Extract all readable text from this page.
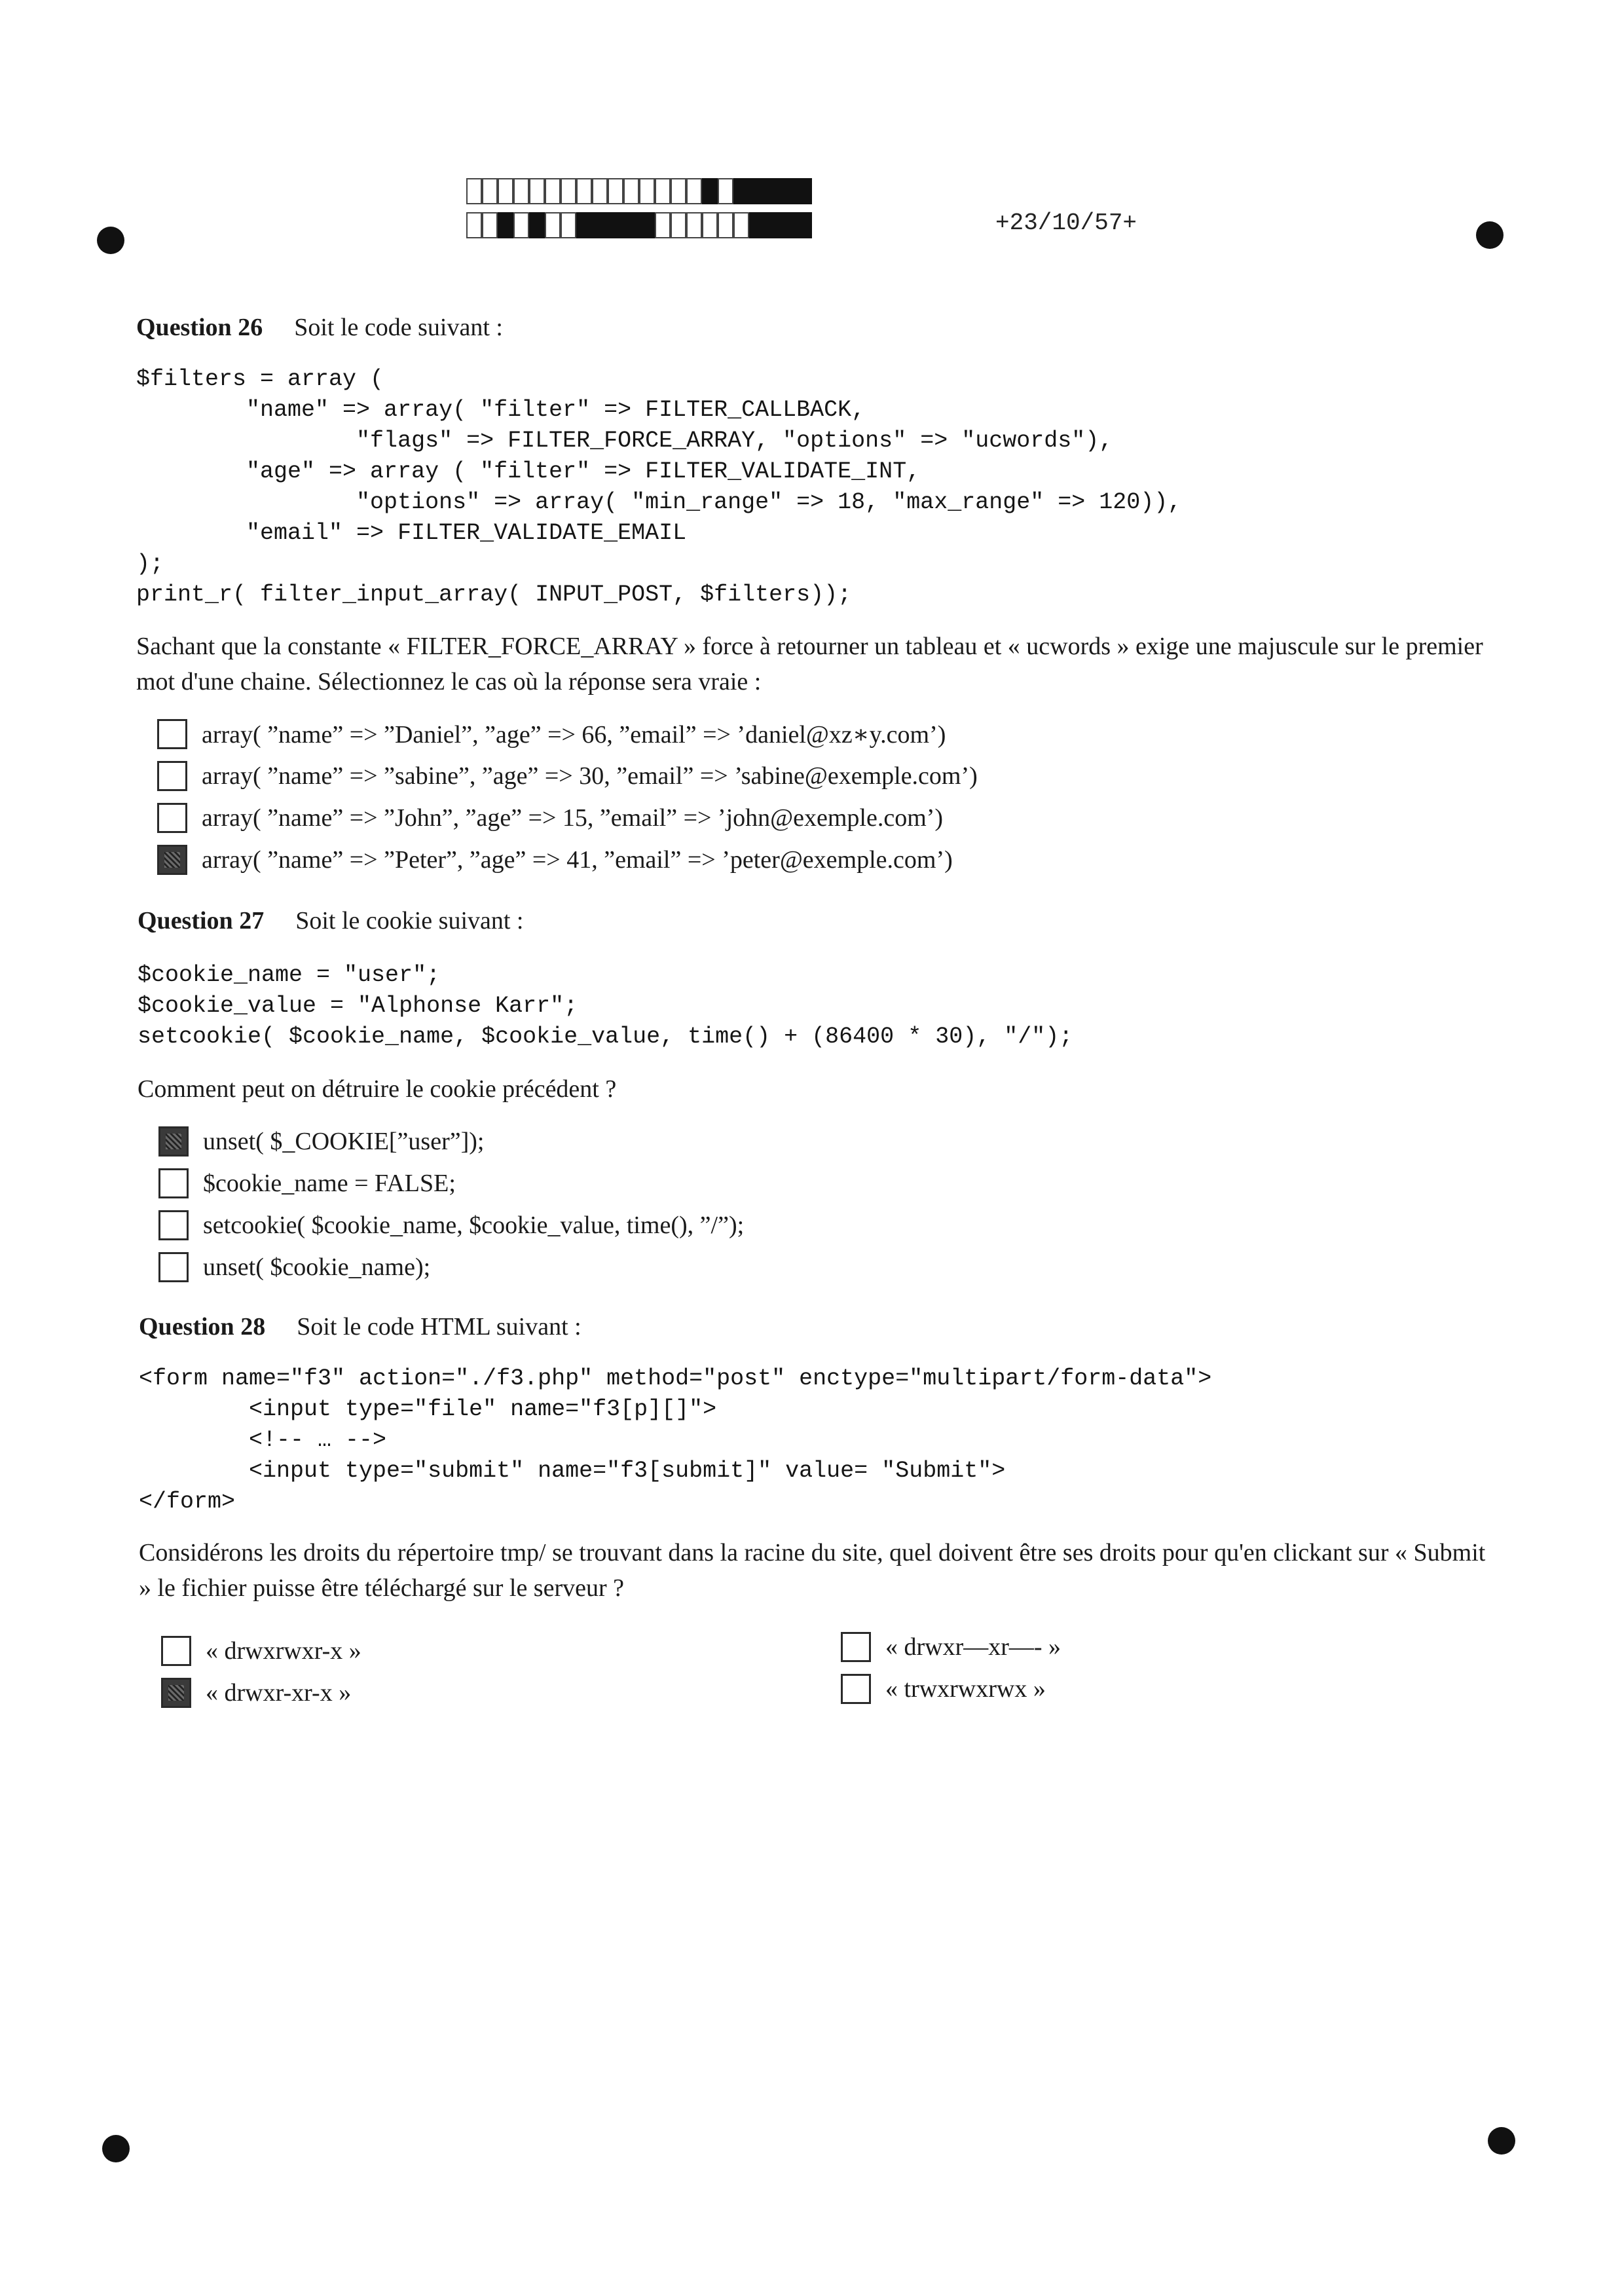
+23/10/57+
Question 26 Soit le code suivant :
$filters = array (
"name" => array( "filter" => FILTER_CALLBACK,
"flags" => FILTER_FORCE_ARRAY, "options" => "ucwords"),
"age" => array ( "filter" => FILTER_VALIDATE_INT,
"options" => array( "min_range" => 18, "max_range" => 120)),
"email" => FILTER_VALIDATE_EMAIL
);
print_r( filter_input_array( INPUT_POST, $filters));

Sachant que la constante « FILTER_FORCE_ARRAY » force à retourner un tableau et « ucwords » exige une majuscule sur le premier mot d'une chaine. Sélectionnez le cas où la réponse sera vraie :

array( ”name” => ”Daniel”, ”age” => 66, ”email” => ’daniel@xz∗y.com’)
array( ”name” => ”sabine”, ”age” => 30, ”email” => ’sabine@exemple.com’)
array( ”name” => ”John”, ”age” => 15, ”email” => ’john@exemple.com’)
array( ”name” => ”Peter”, ”age” => 41, ”email” => ’peter@exemple.com’)
Question 27 Soit le cookie suivant :
$cookie_name = "user";
$cookie_value = "Alphonse Karr";
setcookie( $cookie_name, $cookie_value, time() + (86400 * 30), "/");

Comment peut on détruire le cookie précédent ?

unset( $_COOKIE[”user”]);
$cookie_name = FALSE;
setcookie( $cookie_name, $cookie_value, time(), ”/”);
unset( $cookie_name);
Question 28 Soit le code HTML suivant :
<form name="f3" action="./f3.php" method="post" enctype="multipart/form-data">
<input type="file" name="f3[p][]">
<!-- … -->
<input type="submit" name="f3[submit]" value= "Submit">
</form>

Considérons les droits du répertoire tmp/ se trouvant dans la racine du site, quel doivent être ses droits pour qu'en clickant sur « Submit » le fichier puisse être téléchargé sur le serveur ?

« drwxrwxr-x »
« drwxr-xr-x »
« drwxr—xr—- »
« trwxrwxrwx »
